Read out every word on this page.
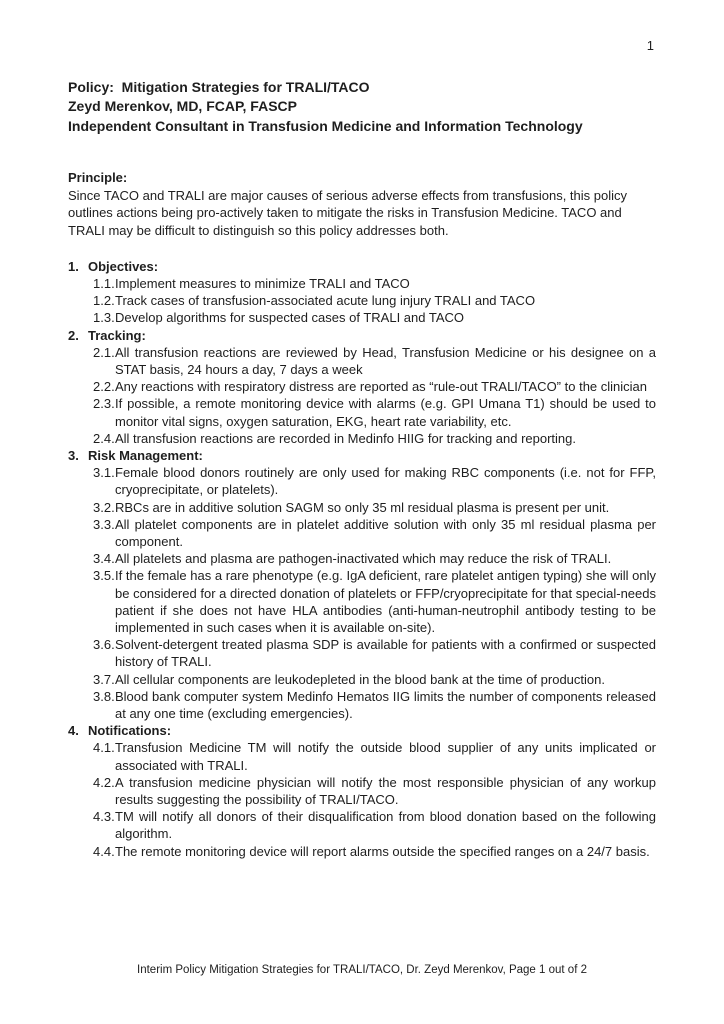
1
Policy:  Mitigation Strategies for TRALI/TACO
Zeyd Merenkov, MD, FCAP, FASCP
Independent Consultant in Transfusion Medicine and Information Technology
Principle:
Since TACO and TRALI are major causes of serious adverse effects from transfusions, this policy outlines actions being pro-actively taken to mitigate the risks in Transfusion Medicine. TACO and TRALI may be difficult to distinguish so this policy addresses both.
1. Objectives:
1.1. Implement measures to minimize TRALI and TACO
1.2. Track cases of transfusion-associated acute lung injury TRALI and TACO
1.3. Develop algorithms for suspected cases of TRALI and TACO
2. Tracking:
2.1. All transfusion reactions are reviewed by Head, Transfusion Medicine or his designee on a STAT basis, 24 hours a day, 7 days a week
2.2. Any reactions with respiratory distress are reported as “rule-out TRALI/TACO” to the clinician
2.3. If possible, a remote monitoring device with alarms (e.g. GPI Umana T1) should be used to monitor vital signs, oxygen saturation, EKG, heart rate variability, etc.
2.4. All transfusion reactions are recorded in Medinfo HIIG for tracking and reporting.
3. Risk Management:
3.1. Female blood donors routinely are only used for making RBC components (i.e. not for FFP, cryoprecipitate, or platelets).
3.2. RBCs are in additive solution SAGM so only 35 ml residual plasma is present per unit.
3.3. All platelet components are in platelet additive solution with only 35 ml residual plasma per component.
3.4. All platelets and plasma are pathogen-inactivated which may reduce the risk of TRALI.
3.5. If the female has a rare phenotype (e.g. IgA deficient, rare platelet antigen typing) she will only be considered for a directed donation of platelets or FFP/cryoprecipitate for that special-needs patient if she does not have HLA antibodies (anti-human-neutrophil antibody testing to be implemented in such cases when it is available on-site).
3.6. Solvent-detergent treated plasma SDP is available for patients with a confirmed or suspected history of TRALI.
3.7. All cellular components are leukodepleted in the blood bank at the time of production.
3.8. Blood bank computer system Medinfo Hematos IIG limits the number of components released at any one time (excluding emergencies).
4. Notifications:
4.1. Transfusion Medicine TM will notify the outside blood supplier of any units implicated or associated with TRALI.
4.2. A transfusion medicine physician will notify the most responsible physician of any workup results suggesting the possibility of TRALI/TACO.
4.3. TM will notify all donors of their disqualification from blood donation based on the following algorithm.
4.4. The remote monitoring device will report alarms outside the specified ranges on a 24/7 basis.
Interim Policy Mitigation Strategies for TRALI/TACO, Dr. Zeyd Merenkov, Page 1 out of 2
